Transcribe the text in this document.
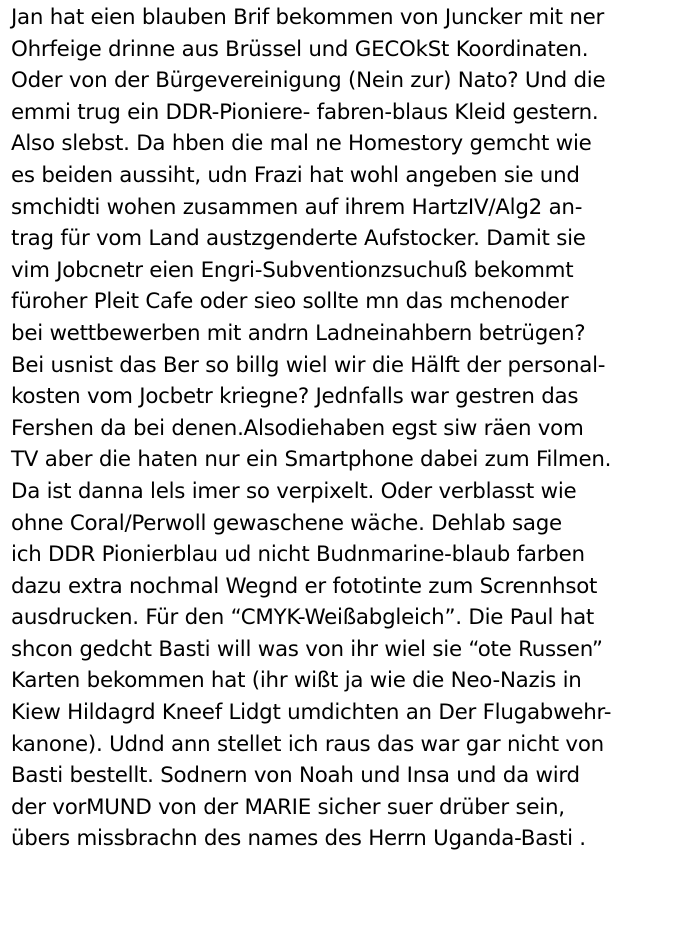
Jan hat eien blauben Brif bekommen von Juncker mit ner
Ohrfeige drinne aus Brüssel und GECOkSt Koordinaten.
Oder von der Bürgevereinigung (Nein zur) Nato? Und die
emmi trug ein DDR-Pioniere- fabren-blaus Kleid gestern.
Also slebst. Da hben die mal ne Homestory gemcht wie
es beiden aussiht, udn Frazi hat wohl angeben sie und
smchidti wohen zusammen auf ihrem HartzIV/Alg2 an-
trag für vom Land austzgenderte Aufstocker. Damit sie
vim Jobcnetr eien Engri-Subventionzsuchuß bekommt
füroher Pleit Cafe oder sieo sollte mn das mchenoder
bei wettbewerben mit andrn Ladneinahbern betrügen?
Bei usnist das Ber so billg wiel wir die Hälft der personal-
kosten vom Jocbetr kriegne? Jednfalls war gestren das
Fershen da bei denen.Alsodiehaben egst siw räen vom
TV aber die haten nur ein Smartphone dabei zum Filmen.
Da ist danna lels imer so verpixelt. Oder verblasst wie
ohne Coral/Perwoll gewaschene wäche. Dehlab sage
ich DDR Pionierblau ud nicht Budnmarine-blaub farben
dazu extra nochmal Wegnd er fototinte zum Scrennhsot
ausdrucken. Für den “CMYK-Weißabgleich”. Die Paul hat
shcon gedcht Basti will was von ihr wiel sie “ote Russen”
Karten bekommen hat (ihr wißt ja wie die Neo-Nazis in
Kiew Hildagrd Kneef Lidgt umdichten an Der Flugabwehr-
kanone). Udnd ann stellet ich raus das war gar nicht von
Basti bestellt. Sodnern von Noah und Insa und da wird
der vorMUND von der MARIE sicher suer drüber sein,
übers missbrachn des names des Herrn Uganda-Basti .
